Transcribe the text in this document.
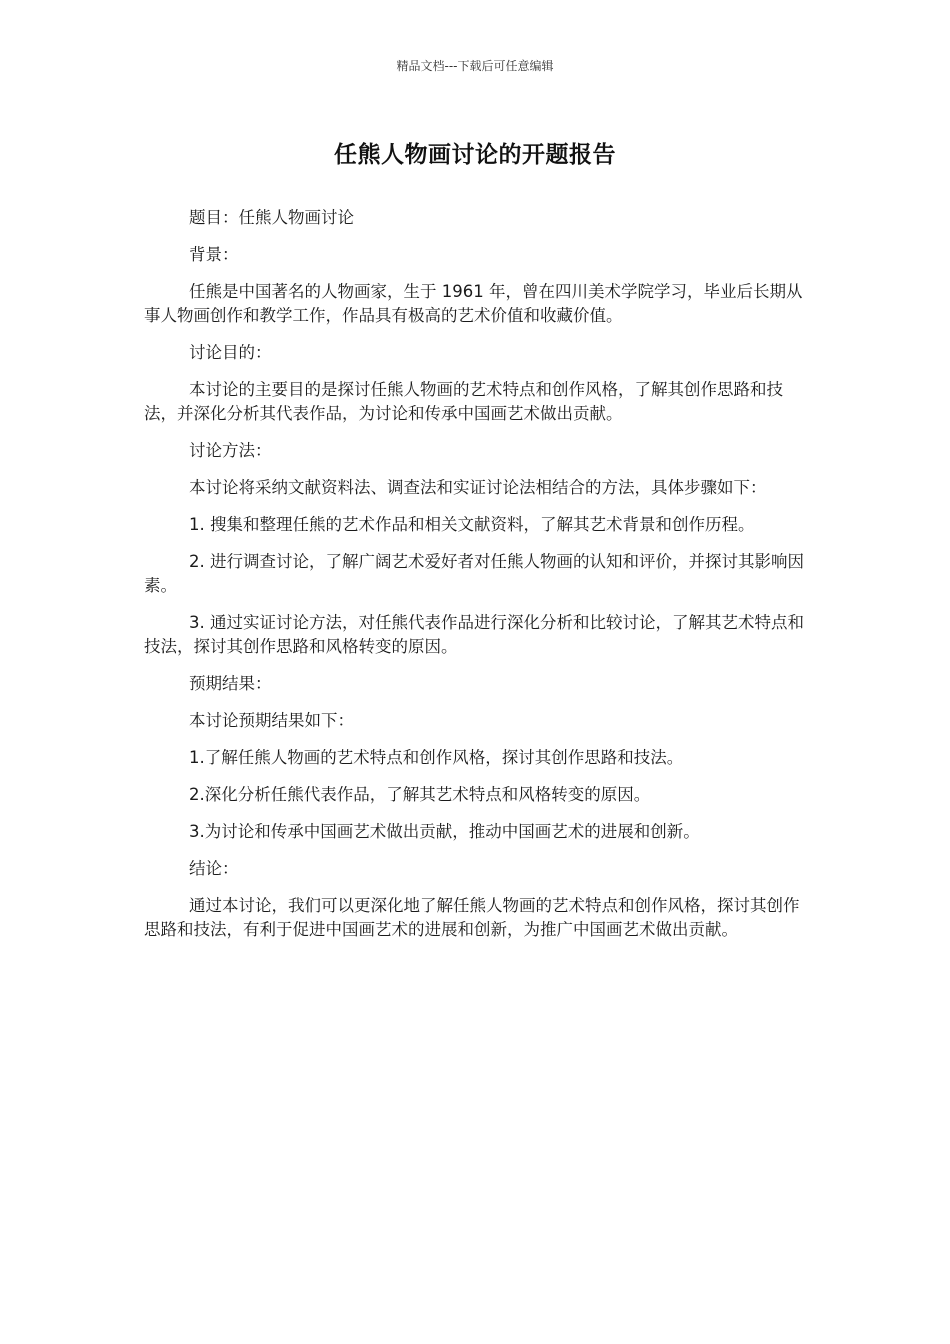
精品文档---下载后可任意编辑
任熊人物画讨论的开题报告

题目：任熊人物画讨论

背景：

任熊是中国著名的人物画家，生于 1961 年，曾在四川美术学院学习，毕业后长期从事人物画创作和教学工作，作品具有极高的艺术价值和收藏价值。

讨论目的：

本讨论的主要目的是探讨任熊人物画的艺术特点和创作风格，了解其创作思路和技法，并深化分析其代表作品，为讨论和传承中国画艺术做出贡献。

讨论方法：

本讨论将采纳文献资料法、调查法和实证讨论法相结合的方法，具体步骤如下：

1. 搜集和整理任熊的艺术作品和相关文献资料，了解其艺术背景和创作历程。

2. 进行调查讨论，了解广阔艺术爱好者对任熊人物画的认知和评价，并探讨其影响因素。

3. 通过实证讨论方法，对任熊代表作品进行深化分析和比较讨论，了解其艺术特点和技法，探讨其创作思路和风格转变的原因。

预期结果：

本讨论预期结果如下：

1.了解任熊人物画的艺术特点和创作风格，探讨其创作思路和技法。

2.深化分析任熊代表作品，了解其艺术特点和风格转变的原因。

3.为讨论和传承中国画艺术做出贡献，推动中国画艺术的进展和创新。

结论：

通过本讨论，我们可以更深化地了解任熊人物画的艺术特点和创作风格，探讨其创作思路和技法，有利于促进中国画艺术的进展和创新，为推广中国画艺术做出贡献。
